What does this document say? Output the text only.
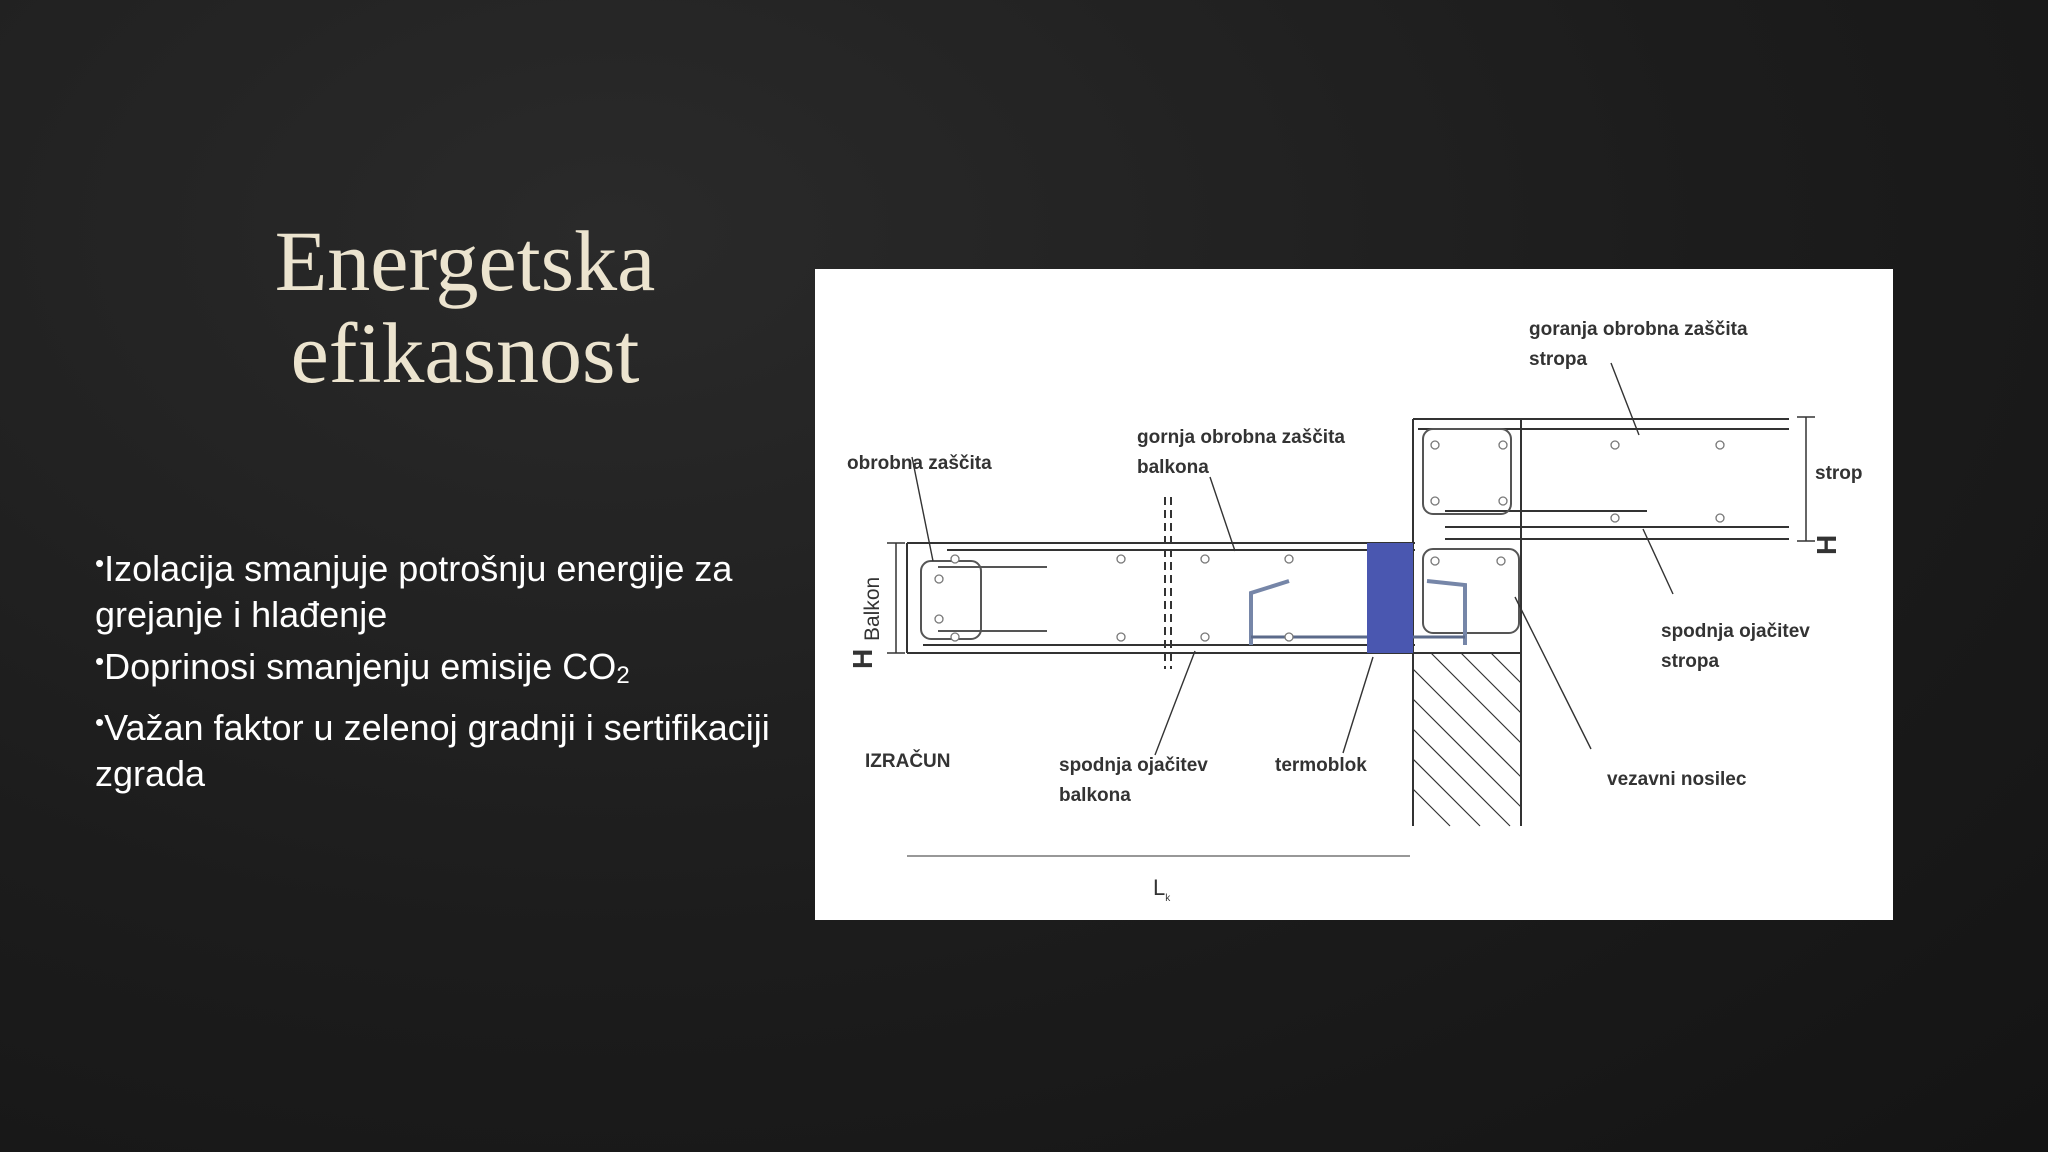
Energetska
efikasnost
•Izolacija smanjuje potrošnju energije za grejanje i hlađenje
•Doprinosi smanjenju emisije CO2
•Važan faktor u zelenoj gradnji i sertifikaciji zgrada
obrobna zaščita
gornja obrobna zaščita
balkona
goranja obrobna zaščita
stropa
strop
spodnja ojačitev
stropa
spodnja ojačitev
balkona
termoblok
vezavni nosilec
IZRAČUN
Balkon
H
H
$L_k$
